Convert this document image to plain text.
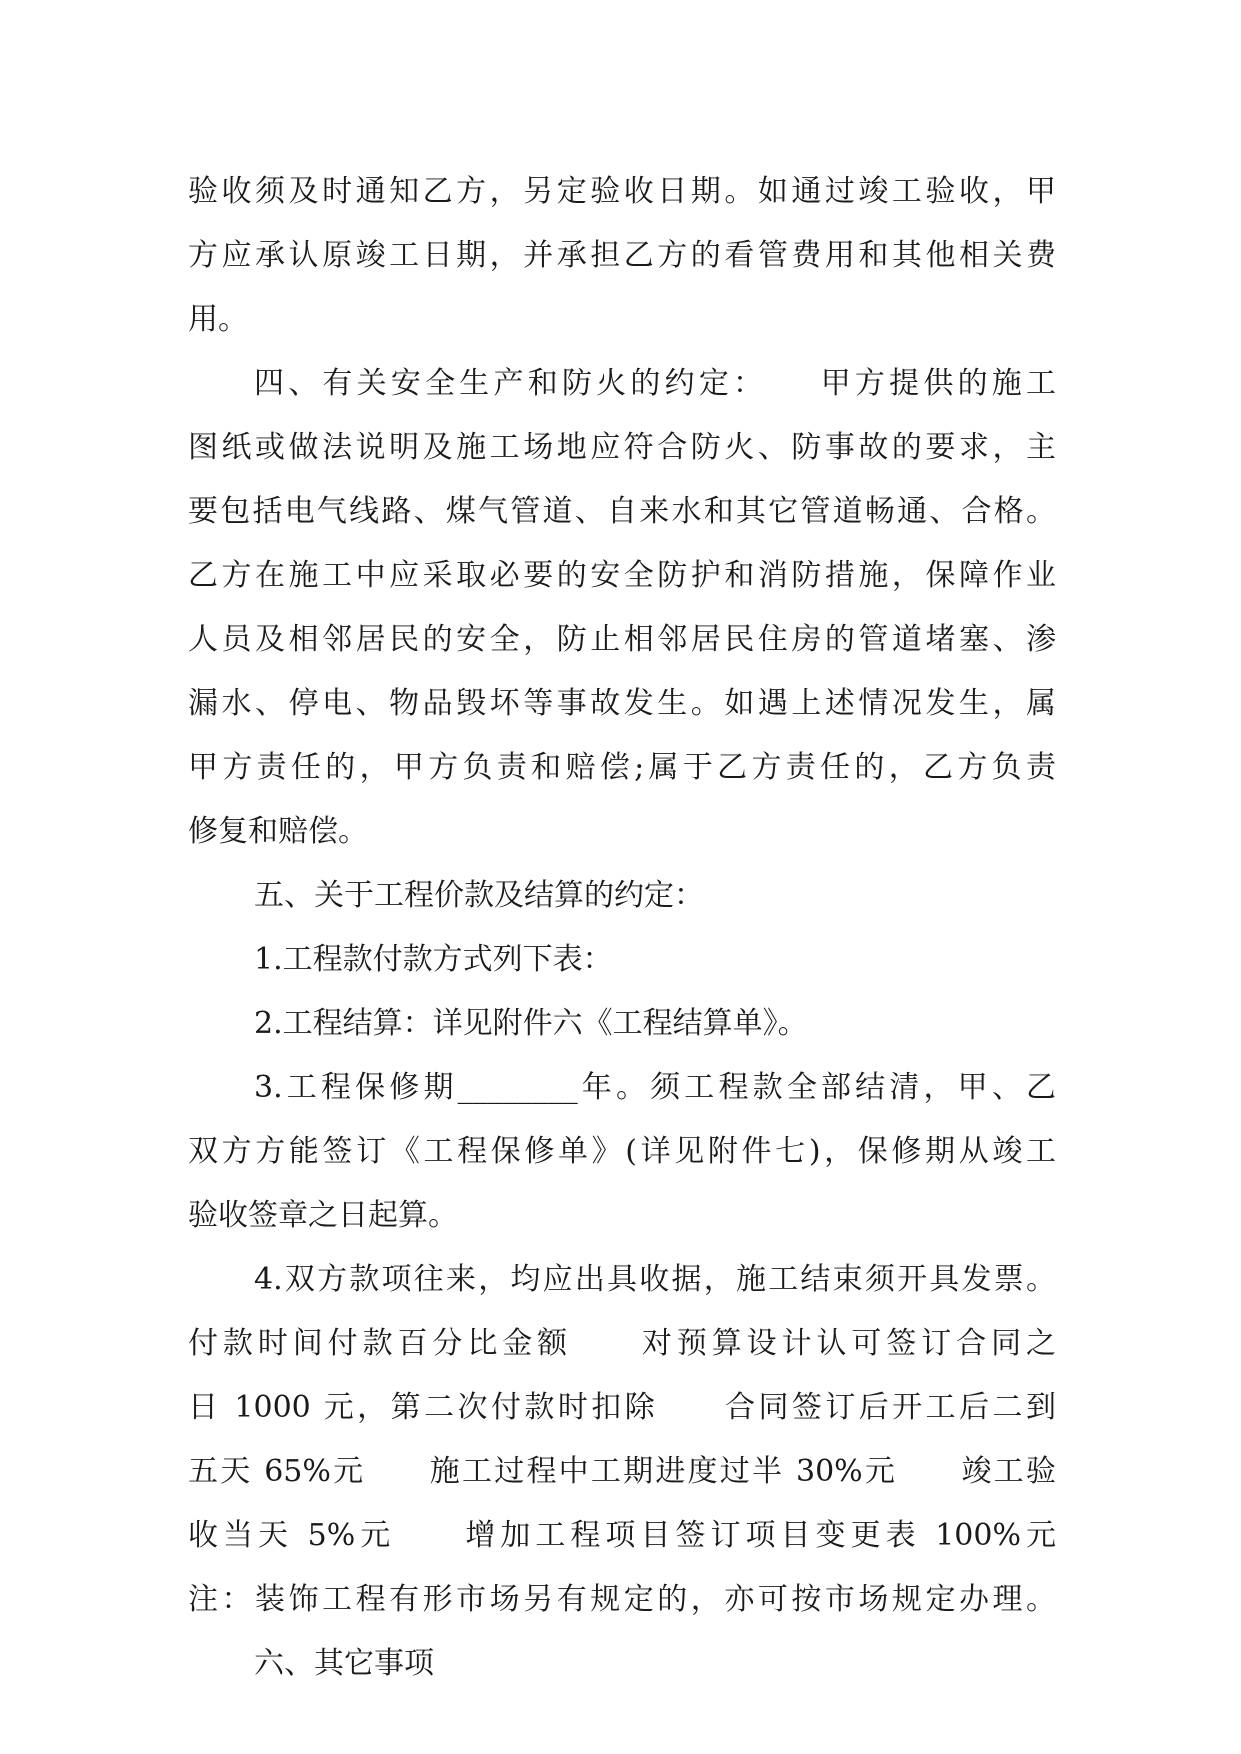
验收须及时通知乙方，另定验收日期。如通过竣工验收，甲
方应承认原竣工日期，并承担乙方的看管费用和其他相关费
用。
四、有关安全生产和防火的约定：　　甲方提供的施工
图纸或做法说明及施工场地应符合防火、防事故的要求，主
要包括电气线路、煤气管道、自来水和其它管道畅通、合格。
乙方在施工中应采取必要的安全防护和消防措施，保障作业
人员及相邻居民的安全，防止相邻居民住房的管道堵塞、渗
漏水、停电、物品毁坏等事故发生。如遇上述情况发生，属
甲方责任的，甲方负责和赔偿;属于乙方责任的，乙方负责
修复和赔偿。
五、关于工程价款及结算的约定：
1.工程款付款方式列下表：
2.工程结算：详见附件六《工程结算单》。
3.工程保修期________年。须工程款全部结清，甲、乙
双方方能签订《工程保修单》(详见附件七)，保修期从竣工
验收签章之日起算。
4.双方款项往来，均应出具收据，施工结束须开具发票。
付款时间付款百分比金额　　对预算设计认可签订合同之
日 1000 元，第二次付款时扣除　　合同签订后开工后二到
五天 65%元　　施工过程中工期进度过半 30%元　　竣工验
收当天 5%元　　增加工程项目签订项目变更表 100%元
注：装饰工程有形市场另有规定的，亦可按市场规定办理。
六、其它事项
